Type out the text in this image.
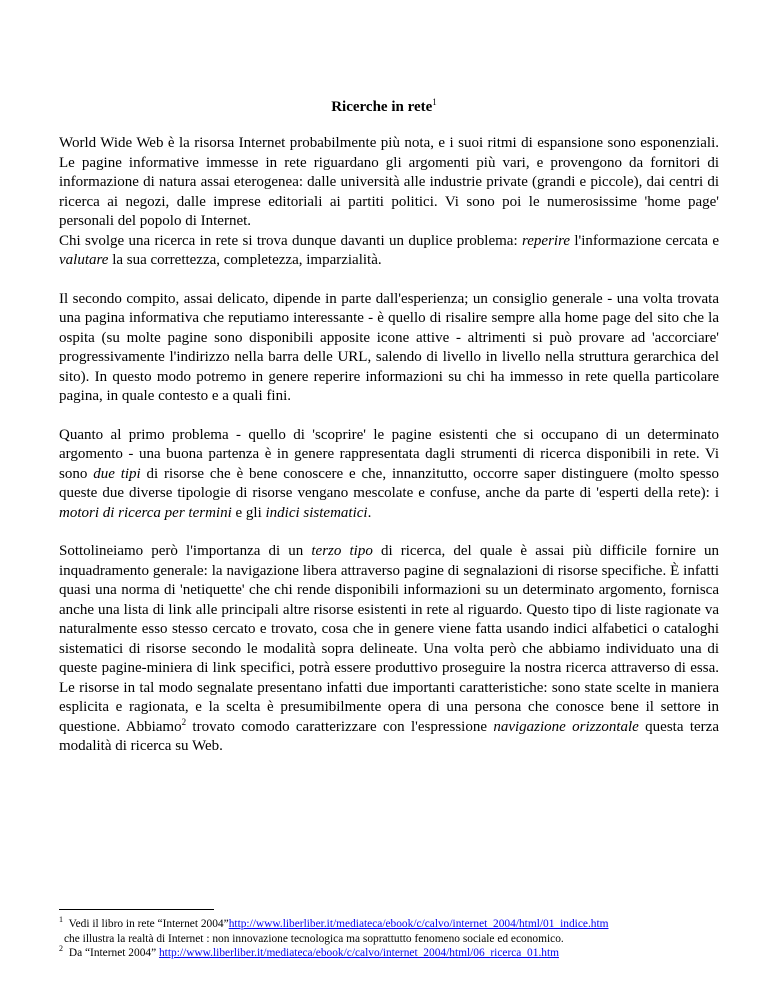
Ricerche in rete$^1$

World Wide Web è la risorsa Internet probabilmente più nota, e i suoi ritmi di espansione sono esponenziali. Le pagine informative immesse in rete riguardano gli argomenti più vari, e provengono da fornitori di informazione di natura assai eterogenea: dalle università alle industrie private (grandi e piccole), dai centri di ricerca ai negozi, dalle imprese editoriali ai partiti politici. Vi sono poi le numerosissime 'home page' personali del popolo di Internet.
Chi svolge una ricerca in rete si trova dunque davanti un duplice problema: reperire l'informazione cercata e valutare la sua correttezza, completezza, imparzialità.

Il secondo compito, assai delicato, dipende in parte dall'esperienza; un consiglio generale - una volta trovata una pagina informativa che reputiamo interessante - è quello di risalire sempre alla home page del sito che la ospita (su molte pagine sono disponibili apposite icone attive - altrimenti si può provare ad 'accorciare' progressivamente l'indirizzo nella barra delle URL, salendo di livello in livello nella struttura gerarchica del sito). In questo modo potremo in genere reperire informazioni su chi ha immesso in rete quella particolare pagina, in quale contesto e a quali fini.

Quanto al primo problema - quello di 'scoprire' le pagine esistenti che si occupano di un determinato argomento - una buona partenza è in genere rappresentata dagli strumenti di ricerca disponibili in rete. Vi sono due tipi di risorse che è bene conoscere e che, innanzitutto, occorre saper distinguere (molto spesso queste due diverse tipologie di risorse vengano mescolate e confuse, anche da parte di 'esperti della rete): i motori di ricerca per termini e gli indici sistematici.

Sottolineiamo però l'importanza di un terzo tipo di ricerca, del quale è assai più difficile fornire un inquadramento generale: la navigazione libera attraverso pagine di segnalazioni di risorse specifiche. È infatti quasi una norma di 'netiquette' che chi rende disponibili informazioni su un determinato argomento, fornisca anche una lista di link alle principali altre risorse esistenti in rete al riguardo. Questo tipo di liste ragionate va naturalmente esso stesso cercato e trovato, cosa che in genere viene fatta usando indici alfabetici o cataloghi sistematici di risorse secondo le modalità sopra delineate. Una volta però che abbiamo individuato una di queste pagine-miniera di link specifici, potrà essere produttivo proseguire la nostra ricerca attraverso di essa. Le risorse in tal modo segnalate presentano infatti due importanti caratteristiche: sono state scelte in maniera esplicita e ragionata, e la scelta è presumibilmente opera di una persona che conosce bene il settore in questione. Abbiamo$^2$ trovato comodo caratterizzare con l'espressione navigazione orizzontale questa terza modalità di ricerca su Web.

$^1$ Vedi il libro in rete “Internet 2004”http://www.liberliber.it/mediateca/ebook/c/calvo/internet_2004/html/01_indice.htm
che illustra la realtà di Internet : non innovazione tecnologica ma soprattutto fenomeno sociale ed economico.
$^2$ Da “Internet 2004” http://www.liberliber.it/mediateca/ebook/c/calvo/internet_2004/html/06_ricerca_01.htm
